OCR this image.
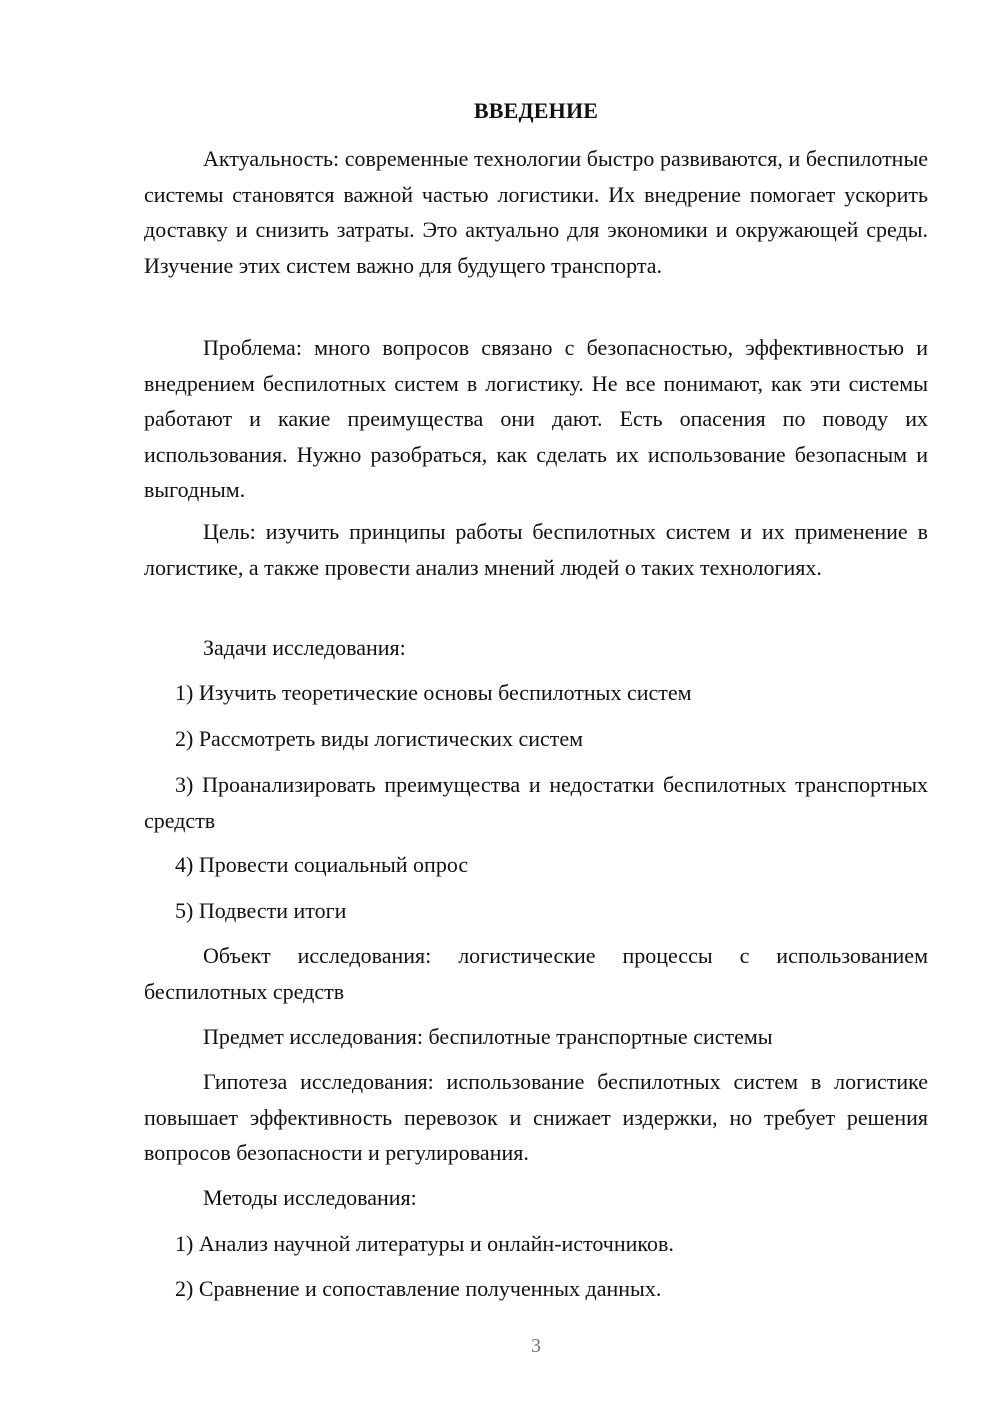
ВВЕДЕНИЕ

Актуальность: современные технологии быстро развиваются, и беспилотные системы становятся важной частью логистики. Их внедрение помогает ускорить доставку и снизить затраты. Это актуально для экономики и окружающей среды. Изучение этих систем важно для будущего транспорта.

Проблема: много вопросов связано с безопасностью, эффективностью и внедрением беспилотных систем в логистику. Не все понимают, как эти системы работают и какие преимущества они дают. Есть опасения по поводу их использования. Нужно разобраться, как сделать их использование безопасным и выгодным.

Цель: изучить принципы работы беспилотных систем и их применение в логистике, а также провести анализ мнений людей о таких технологиях.

Задачи исследования:

1) Изучить теоретические основы беспилотных систем

2) Рассмотреть виды логистических систем

3) Проанализировать преимущества и недостатки беспилотных транспортных средств

4) Провести социальный опрос

5) Подвести итоги

Объект исследования: логистические процессы с использованием беспилотных средств

Предмет исследования: беспилотные транспортные системы

Гипотеза исследования: использование беспилотных систем в логистике повышает эффективность перевозок и снижает издержки, но требует решения вопросов безопасности и регулирования.

Методы исследования:

1) Анализ научной литературы и онлайн-источников.

2) Сравнение и сопоставление полученных данных.

3
